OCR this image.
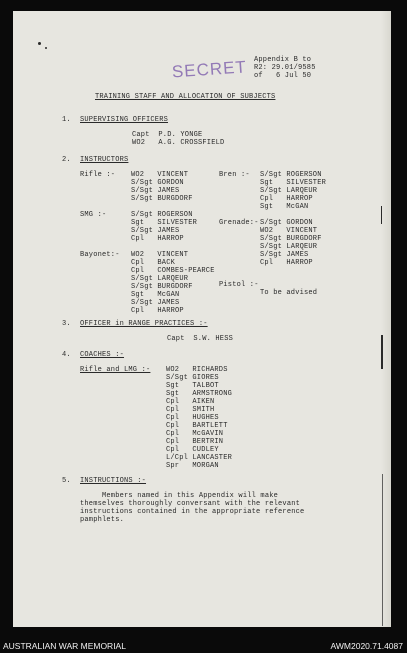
SECRET Appendix B to
R2: 29.01/9585
of   6 Jul 50
TRAINING STAFF AND ALLOCATION OF SUBJECTS
1. SUPERVISING OFFICERS
Capt  P.D. YONGE
WO2   A.G. CROSSFIELD
2. INSTRUCTORS
Rifle :- WO2   VINCENT
S/Sgt GORDON
S/Sgt JAMES
S/Sgt BURGDORF
Bren :- S/Sgt ROGERSON
Sgt   SILVESTER
S/Sgt LARQEUR
Cpl   HARROP
Sgt   McGAN
SMG :-	S/Sgt ROGERSON
Sgt   SILVESTER
S/Sgt JAMES
Cpl   HARROP
Grenade:- S/Sgt GORDON
WO2   VINCENT
S/Sgt BURGDORF
S/Sgt LARQEUR
S/Sgt JAMES
Cpl   HARROP
Bayonet:- WO2   VINCENT
Cpl   BACK
Cpl   COMBES-PEARCE
S/Sgt LARQEUR
S/Sgt BURGDORF
Sgt   McGAN
S/Sgt JAMES
Cpl   HARROP
Pistol :-
To be advised
3. OFFICER in RANGE PRACTICES :-
Capt  S.W. HESS
4. COACHES :-
Rifle and LMG :- WO2   RICHARDS
S/Sgt GIORES
Sgt   TALBOT
Sgt   ARMSTRONG
Cpl   AIKEN
Cpl   SMITH
Cpl   HUGHES
Cpl   BARTLETT
Cpl   McGAVIN
Cpl   BERTRIN
Cpl   CUDLEY
L/Cpl LANCASTER
Spr   MORGAN
5. INSTRUCTIONS :-
Members named in this Appendix will make
themselves thoroughly conversant with the relevant
instructions contained in the appropriate reference
pamphlets.
AUSTRALIAN WAR MEMORIAL	AWM2020.71.4087
